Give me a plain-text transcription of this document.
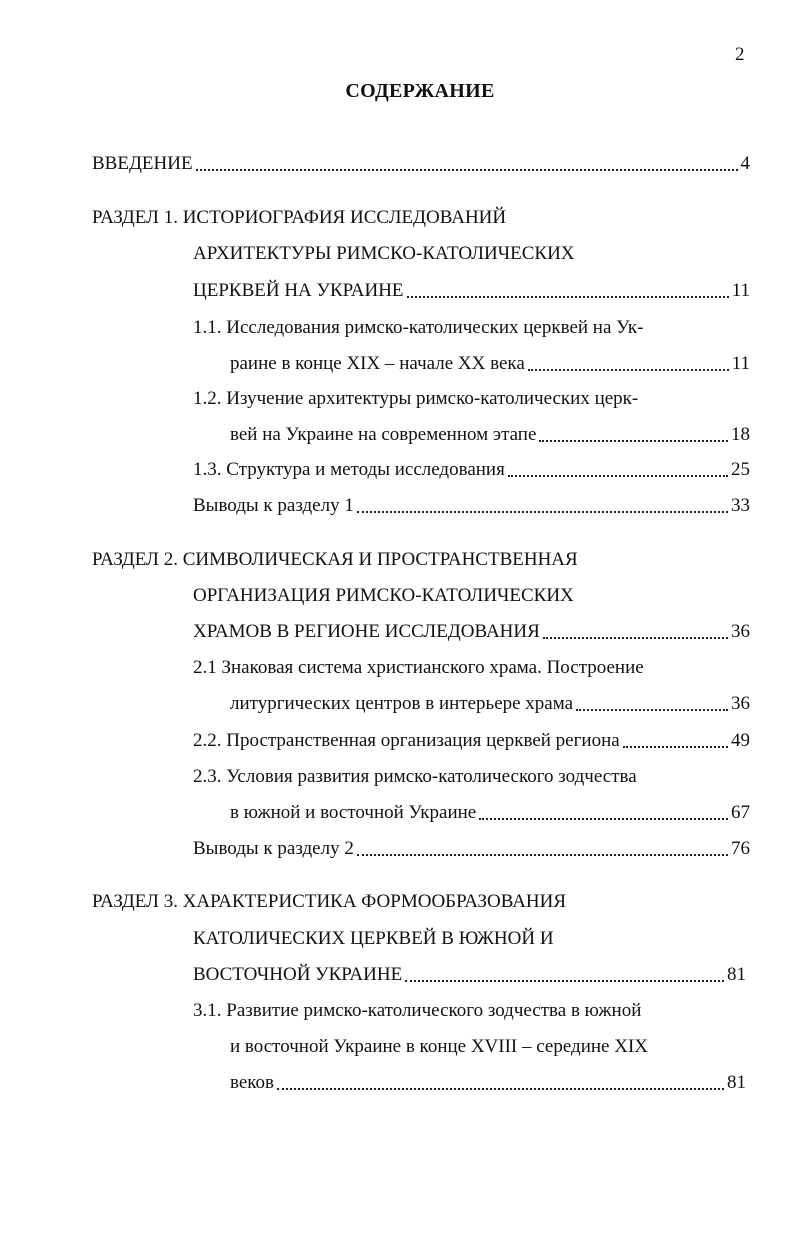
2
СОДЕРЖАНИЕ
ВВЕДЕНИЕ	4
РАЗДЕЛ 1. ИСТОРИОГРАФИЯ ИССЛЕДОВАНИЙ
АРХИТЕКТУРЫ РИМСКО-КАТОЛИЧЕСКИХ
ЦЕРКВЕЙ НА УКРАИНЕ	11
1.1. Исследования римско-католических церквей на Ук-
раине в конце XIX – начале XX века	11
1.2. Изучение архитектуры римско-католических церк-
вей на Украине на современном этапе	18
1.3. Структура и методы исследования	25
Выводы к разделу 1	33
РАЗДЕЛ 2. СИМВОЛИЧЕСКАЯ И ПРОСТРАНСТВЕННАЯ
ОРГАНИЗАЦИЯ РИМСКО-КАТОЛИЧЕСКИХ
ХРАМОВ В РЕГИОНЕ ИССЛЕДОВАНИЯ	36
2.1 Знаковая система христианского храма. Построение
литургических центров в интерьере храма	36
2.2. Пространственная организация церквей региона	49
2.3. Условия развития римско-католического зодчества
в южной и восточной Украине	67
Выводы к разделу 2	76
РАЗДЕЛ 3. ХАРАКТЕРИСТИКА ФОРМООБРАЗОВАНИЯ
КАТОЛИЧЕСКИХ ЦЕРКВЕЙ В ЮЖНОЙ И
ВОСТОЧНОЙ УКРАИНЕ	81
3.1. Развитие римско-католического зодчества в южной
и восточной Украине в конце XVIII – середине XIX
веков	81
